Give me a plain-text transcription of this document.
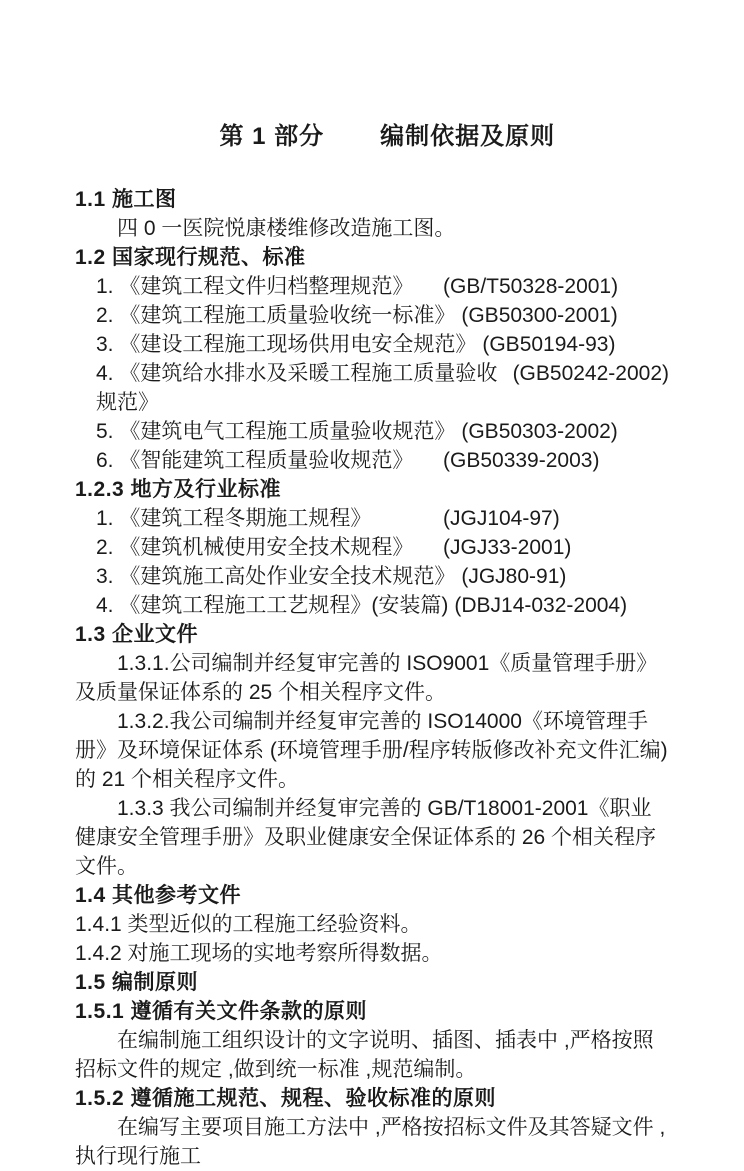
第 1 部分 编制依据及原则

1.1 施工图
四 0 一医院悦康楼维修改造施工图。
1.2 国家现行规范、标准
1. 《建筑工程文件归档整理规范》	(GB/T50328-2001)
2. 《建筑工程施工质量验收统一标准》 (GB50300-2001)
3. 《建设工程施工现场供用电安全规范》 (GB50194-93)
4. 《建筑给水排水及采暖工程施工质量验收规范》
(GB50242-2002)
5. 《建筑电气工程施工质量验收规范》 (GB50303-2002)
6. 《智能建筑工程质量验收规范》	(GB50339-2003)
1.2.3 地方及行业标准
1. 《建筑工程冬期施工规程》	(JGJ104-97)
2. 《建筑机械使用安全技术规程》	(JGJ33-2001)
3. 《建筑施工高处作业安全技术规范》 (JGJ80-91)
4. 《建筑工程施工工艺规程》(安装篇) (DBJ14-032-2004)
1.3 企业文件
1.3.1.公司编制并经复审完善的 ISO9001《质量管理手册》及质量保证体系的 25 个相关程序文件。
1.3.2.我公司编制并经复审完善的 ISO14000《环境管理手册》及环境保证体系 (环境管理手册/程序转版修改补充文件汇编) 的 21 个相关程序文件。
1.3.3 我公司编制并经复审完善的 GB/T18001-2001《职业健康安全管理手册》及职业健康安全保证体系的 26 个相关程序文件。
1.4 其他参考文件
1.4.1 类型近似的工程施工经验资料。
1.4.2 对施工现场的实地考察所得数据。
1.5 编制原则
1.5.1 遵循有关文件条款的原则
在编制施工组织设计的文字说明、插图、插表中 ,严格按照招标文件的规定 ,做到统一标准 ,规范编制。
1.5.2 遵循施工规范、规程、验收标准的原则
在编写主要项目施工方法中 ,严格按招标文件及其答疑文件 ,执行现行施工
